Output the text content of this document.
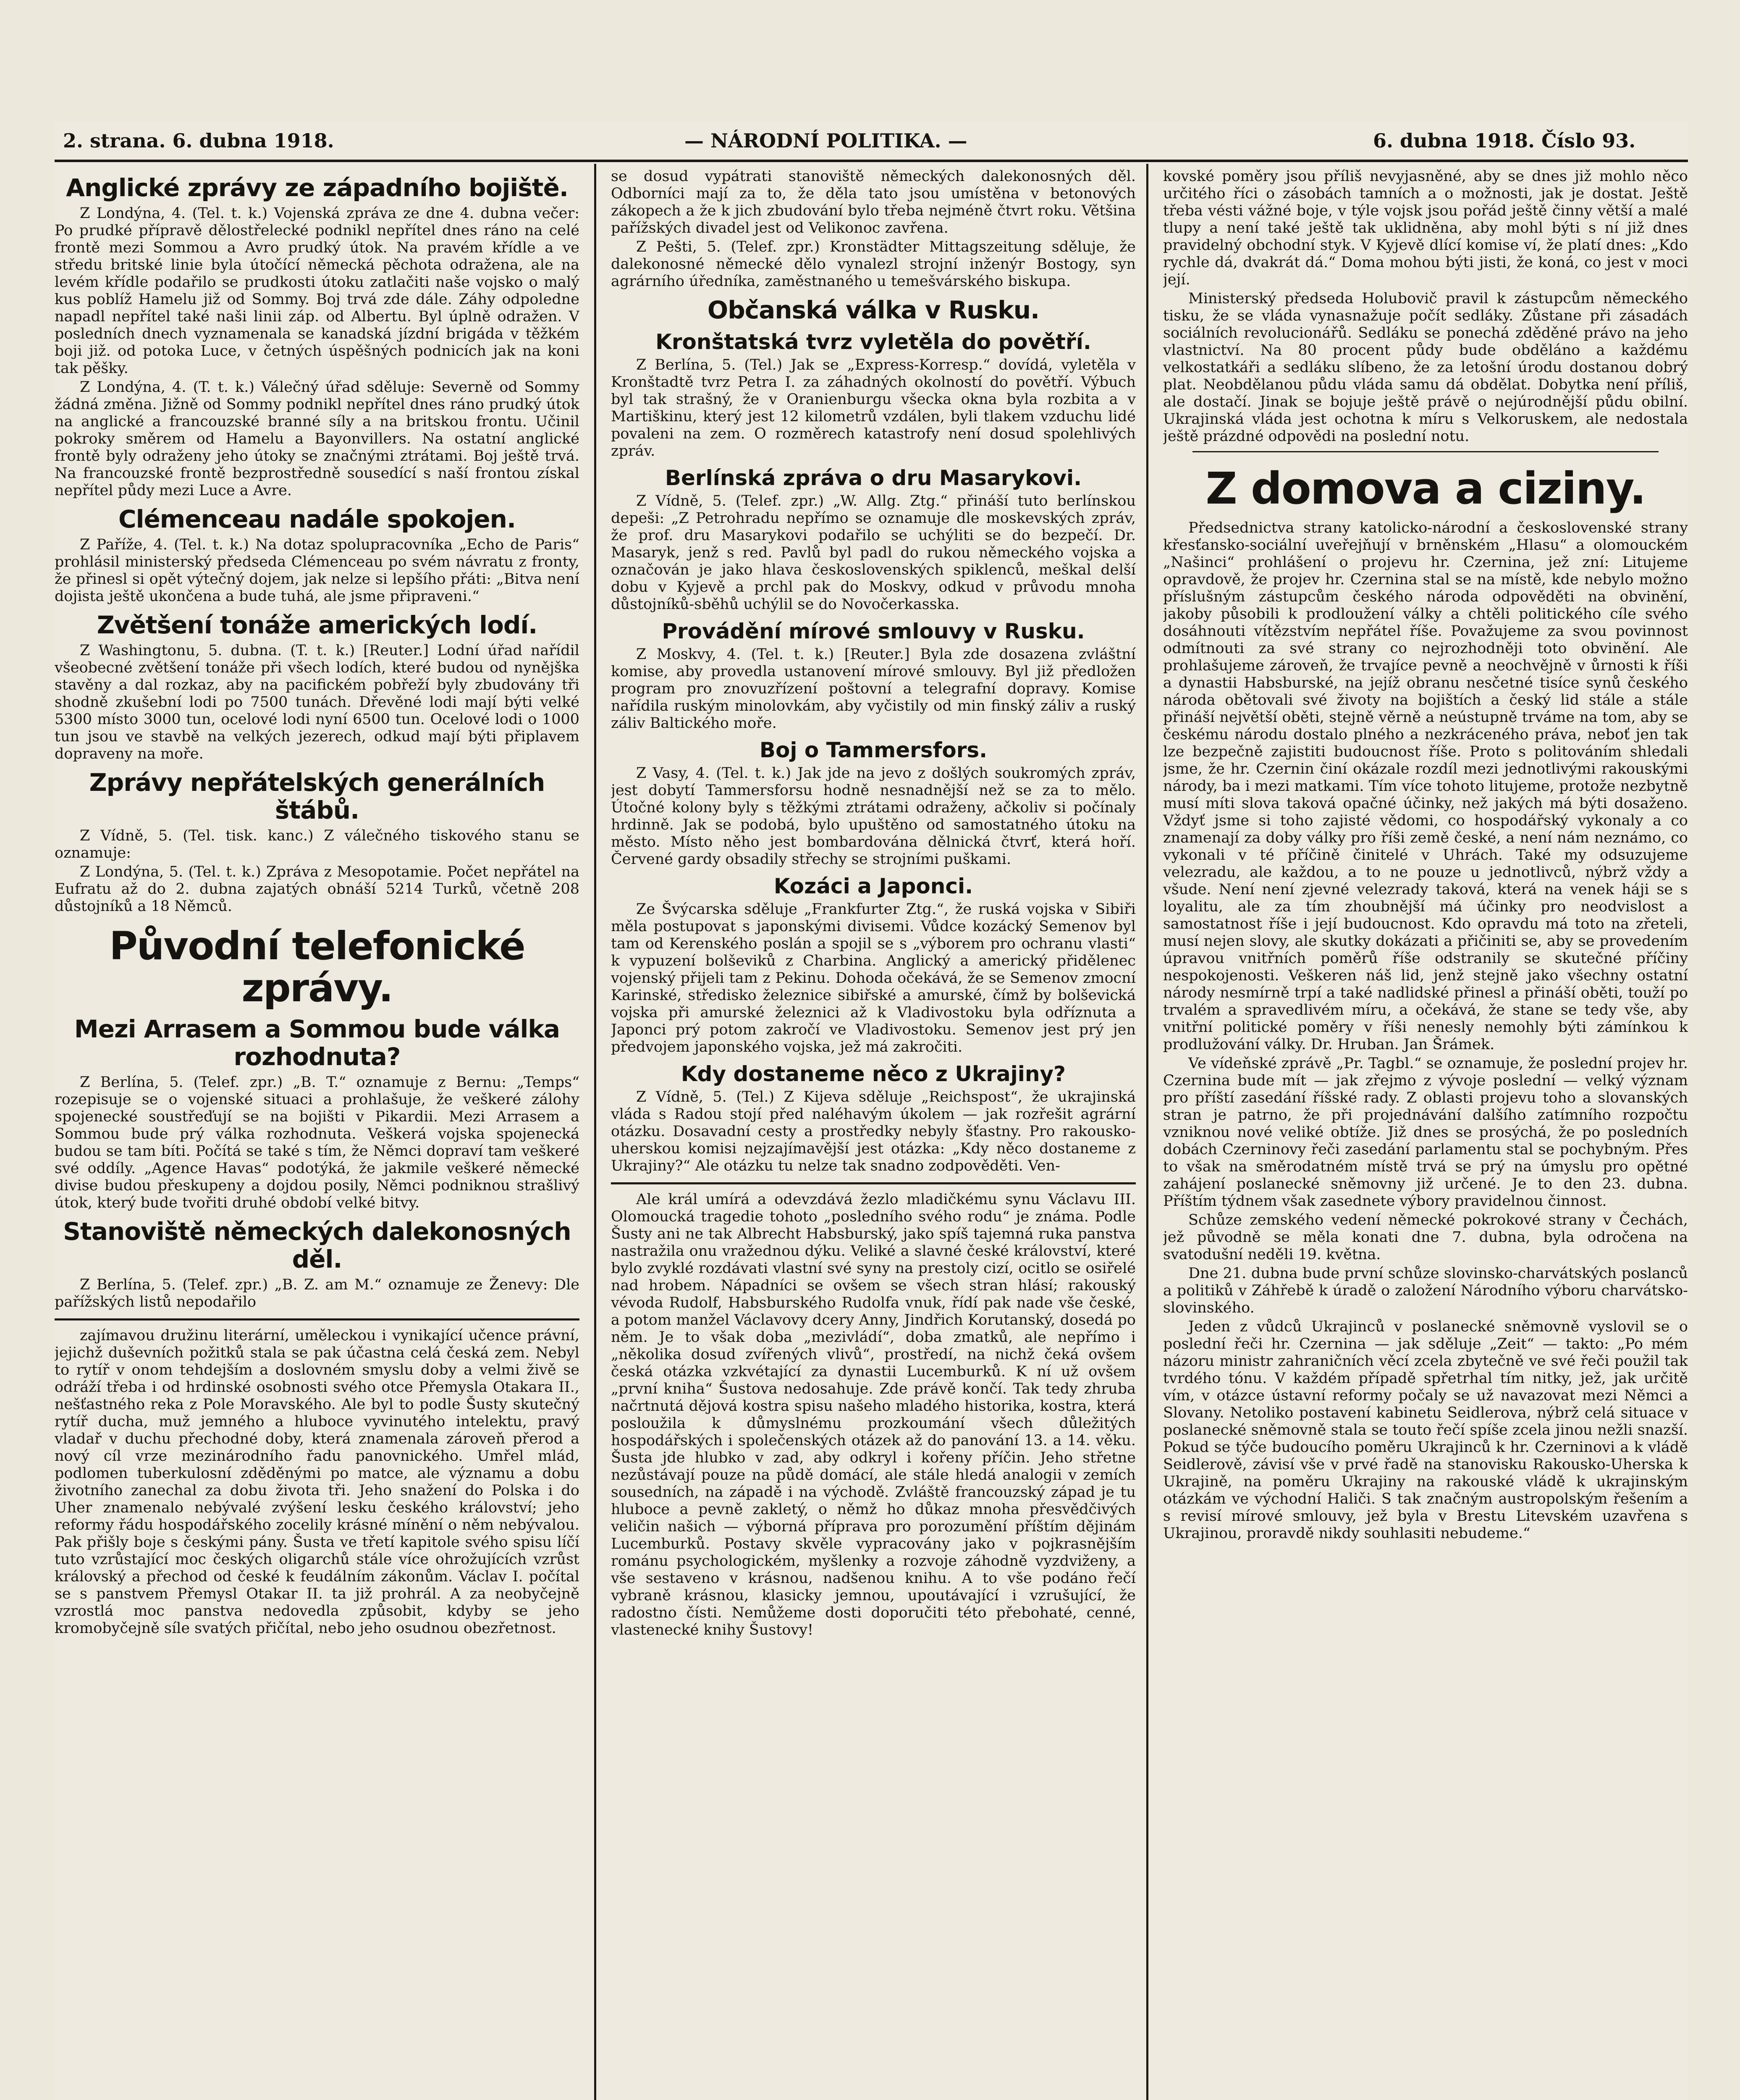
2. strana. 6. dubna 1918.	— NÁRODNÍ POLITIKA. —	6. dubna 1918. Číslo 93.
Anglické zprávy ze západního bojiště.

Z Londýna, 4. (Tel. t. k.) Vojenská zpráva ze dne 4. dubna večer: Po prudké přípravě dělostřelecké podnikl nepřítel dnes ráno na celé frontě mezi Sommou a Avro prudký útok. Na pravém křídle a ve středu britské linie byla útočící německá pěchota odražena, ale na levém křídle podařilo se prudkosti útoku zatlačiti naše vojsko o malý kus poblíž Hamelu již od Sommy. Boj trvá zde dále. Záhy odpoledne napadl nepřítel také naši linii záp. od Albertu. Byl úplně odražen. V posledních dnech vyznamenala se kanadská jízdní brigáda v těžkém boji již. od potoka Luce, v četných úspěšných podnicích jak na koni tak pěšky.

Z Londýna, 4. (T. t. k.) Válečný úřad sděluje: Severně od Sommy žádná změna. Jižně od Sommy podnikl nepřítel dnes ráno prudký útok na anglické a francouzské branné síly a na britskou frontu. Učinil pokroky směrem od Hamelu a Bayonvillers. Na ostatní anglické frontě byly odraženy jeho útoky se značnými ztrátami. Boj ještě trvá. Na francouzské frontě bezprostředně sousedící s naší frontou získal nepřítel půdy mezi Luce a Avre.

Clémenceau nadále spokojen.

Z Paříže, 4. (Tel. t. k.) Na dotaz spolupracovníka „Echo de Paris“ prohlásil ministerský předseda Clémenceau po svém návratu z fronty, že přinesl si opět výtečný dojem, jak nelze si lepšího přáti: „Bitva není dojista ještě ukončena a bude tuhá, ale jsme připraveni.“

Zvětšení tonáže amerických lodí.

Z Washingtonu, 5. dubna. (T. t. k.) [Reuter.] Lodní úřad nařídil všeobecné zvětšení tonáže při všech lodích, které budou od nynějška stavěny a dal rozkaz, aby na pacifickém pobřeží byly zbudovány tři shodně zkušební lodi po 7500 tunách. Dřevěné lodi mají býti velké 5300 místo 3000 tun, ocelové lodi nyní 6500 tun. Ocelové lodi o 1000 tun jsou ve stavbě na velkých jezerech, odkud mají býti připlavem dopraveny na moře.

Zprávy nepřátelských generálních štábů.

Z Vídně, 5. (Tel. tisk. kanc.) Z válečného tiskového stanu se oznamuje:

Z Londýna, 5. (Tel. t. k.) Zpráva z Mesopotamie. Počet nepřátel na Eufratu až do 2. dubna zajatých obnáší 5214 Turků, včetně 208 důstojníků a 18 Němců.

Původní telefonické zprávy.
Mezi Arrasem a Sommou bude válka rozhodnuta?

Z Berlína, 5. (Telef. zpr.) „B. T.“ oznamuje z Bernu: „Temps“ rozepisuje se o vojenské situaci a prohlašuje, že veškeré zálohy spojenecké soustřeďují se na bojišti v Pikardii. Mezi Arrasem a Sommou bude prý válka rozhodnuta. Veškerá vojska spojenecká budou se tam bíti. Počítá se také s tím, že Němci dopraví tam veškeré své oddíly. „Agence Havas“ podotýká, že jakmile veškeré německé divise budou přeskupeny a dojdou posily, Němci podniknou strašlivý útok, který bude tvořiti druhé období velké bitvy.

Stanoviště německých dalekonosných děl.

Z Berlína, 5. (Telef. zpr.) „B. Z. am M.“ oznamuje ze Ženevy: Dle pařížských listů nepodařilo

zajímavou družinu literární, uměleckou i vynikající učence právní, jejichž duševních požitků stala se pak účastna celá česká zem. Nebyl to rytíř v onom tehdejším a doslovném smyslu doby a velmi živě se odráží třeba i od hrdinské osobnosti svého otce Přemysla Otakara II., nešťastného reka z Pole Moravského. Ale byl to podle Šusty skutečný rytíř ducha, muž jemného a hluboce vyvinutého intelektu, pravý vladař v duchu přechodné doby, která znamenala zároveň přerod a nový cíl vrze mezinárodního řadu panovnického. Umřel mlád, podlomen tuberkulosní zděděnými po matce, ale významu a dobu životního zanechal za dobu života tři. Jeho snažení do Polska i do Uher znamenalo nebývalé zvýšení lesku českého království; jeho reformy řádu hospodářského zocelily krásné mínění o něm nebývalou. Pak přišly boje s českými pány. Šusta ve třetí kapitole svého spisu líčí tuto vzrůstající moc českých oligarchů stále více ohrožujících vzrůst královský a přechod od české k feudálním zákonům. Václav I. počítal se s panstvem Přemysl Otakar II. ta již prohrál. A za neobyčejně vzrostlá moc panstva nedovedla způsobit, kdyby se jeho kromobyčejně síle svatých přičítal, nebo jeho osudnou obezřetnost.

se dosud vypátrati stanoviště německých dalekonosných děl. Odborníci mají za to, že děla tato jsou umístěna v betonových zákopech a že k jich zbudování bylo třeba nejméně čtvrt roku. Většina pařížských divadel jest od Velikonoc zavřena.

Z Pešti, 5. (Telef. zpr.) Kronstädter Mittagszeitung sděluje, že dalekonosné německé dělo vynalezl strojní inženýr Bostogy, syn agrárního úředníka, zaměstnaného u temešvárského biskupa.

Občanská válka v Rusku.
Kronštatská tvrz vyletěla do povětří.

Z Berlína, 5. (Tel.) Jak se „Express-Korresp.“ dovídá, vyletěla v Kronštadtě tvrz Petra I. za záhadných okolností do povětří. Výbuch byl tak strašný, že v Oranienburgu všecka okna byla rozbita a v Martiškinu, který jest 12 kilometrů vzdálen, byli tlakem vzduchu lidé povaleni na zem. O rozměrech katastrofy není dosud spolehlivých zpráv.

Berlínská zpráva o dru Masarykovi.

Z Vídně, 5. (Telef. zpr.) „W. Allg. Ztg.“ přináší tuto berlínskou depeši: „Z Petrohradu nepřímo se oznamuje dle moskevských zpráv, že prof. dru Masarykovi podařilo se uchýliti se do bezpečí. Dr. Masaryk, jenž s red. Pavlů byl padl do rukou německého vojska a označován je jako hlava československých spiklenců, meškal delší dobu v Kyjevě a prchl pak do Moskvy, odkud v průvodu mnoha důstojníků-sběhů uchýlil se do Novočerkasska.

Provádění mírové smlouvy v Rusku.

Z Moskvy, 4. (Tel. t. k.) [Reuter.] Byla zde dosazena zvláštní komise, aby provedla ustanovení mírové smlouvy. Byl již předložen program pro znovuzřízení poštovní a telegrafní dopravy. Komise nařídila ruským minolovkám, aby vyčistily od min finský záliv a ruský záliv Baltického moře.

Boj o Tammersfors.

Z Vasy, 4. (Tel. t. k.) Jak jde na jevo z došlých soukromých zpráv, jest dobytí Tammersforsu hodně nesnadnější než se za to mělo. Útočné kolony byly s těžkými ztrátami odraženy, ačkoliv si počínaly hrdinně. Jak se podobá, bylo upuštěno od samostatného útoku na město. Místo něho jest bombardována dělnická čtvrť, která hoří. Červené gardy obsadily střechy se strojními puškami.

Kozáci a Japonci.

Ze Švýcarska sděluje „Frankfurter Ztg.“, že ruská vojska v Sibiři měla postupovat s japonskými divisemi. Vůdce kozácký Semenov byl tam od Kerenského poslán a spojil se s „výborem pro ochranu vlasti“ k vypuzení bolševiků z Charbina. Anglický a americký přidělenec vojenský přijeli tam z Pekinu. Dohoda očekává, že se Semenov zmocní Karinské, středisko železnice sibiřské a amurské, čímž by bolševická vojska při amurské železnici až k Vladivostoku byla odříznuta a Japonci prý potom zakročí ve Vladivostoku. Semenov jest prý jen předvojem japonského vojska, jež má zakročiti.

Kdy dostaneme něco z Ukrajiny?

Z Vídně, 5. (Tel.) Z Kijeva sděluje „Reichspost“, že ukrajinská vláda s Radou stojí před naléhavým úkolem — jak rozřešit agrární otázku. Dosavadní cesty a prostředky nebyly šťastny. Pro rakousko-uherskou komisi nejzajímavější jest otázka: „Kdy něco dostaneme z Ukrajiny?“ Ale otázku tu nelze tak snadno zodpověděti. Ven-

Ale král umírá a odevzdává žezlo mladičkému synu Václavu III. Olomoucká tragedie tohoto „posledního svého rodu“ je známa. Podle Šusty ani ne tak Albrecht Habsburský, jako spíš tajemná ruka panstva nastražila onu vražednou dýku. Veliké a slavné české království, které bylo zvyklé rozdávati vlastní své syny na prestoly cizí, ocitlo se osiřelé nad hrobem. Nápadníci se ovšem se všech stran hlásí; rakouský vévoda Rudolf, Habsburského Rudolfa vnuk, řídí pak nade vše české, a potom manžel Václavovy dcery Anny, Jindřich Korutanský, dosedá po něm. Je to však doba „mezivládí“, doba zmatků, ale nepřímo i „několika dosud zvířených vlivů“, prostředí, na nichž čeká ovšem česká otázka vzkvétající za dynastii Lucemburků. K ní už ovšem „první kniha“ Šustova nedosahuje. Zde právě končí. Tak tedy zhruba načrtnutá dějová kostra spisu našeho mladého historika, kostra, která posloužila k důmyslnému prozkoumání všech důležitých hospodářských i společenských otázek až do panování 13. a 14. věku. Šusta jde hlubko v zad, aby odkryl i kořeny příčin. Jeho střetne nezůstávají pouze na půdě domácí, ale stále hledá analogii v zemích sousedních, na západě i na východě. Zvláště francouzský západ je tu hluboce a pevně zakletý, o němž ho důkaz mnoha přesvědčivých veličin našich — výborná příprava pro porozumění příštím dějinám Lucemburků. Postavy skvěle vypracovány jako v pojkrasnějším románu psychologickém, myšlenky a rozvoje záhodně vyzdviženy, a vše sestaveno v krásnou, nadšenou knihu. A to vše podáno řečí vybraně krásnou, klasicky jemnou, upoutávající i vzrušující, že radostno čísti. Nemůžeme dosti doporučiti této přebohaté, cenné, vlastenecké knihy Šustovy!

kovské poměry jsou příliš nevyjasněné, aby se dnes již mohlo něco určitého říci o zásobách tamních a o možnosti, jak je dostat. Ještě třeba vésti vážné boje, v týle vojsk jsou pořád ještě činny větší a malé tlupy a není také ještě tak uklidněna, aby mohl býti s ní již dnes pravidelný obchodní styk. V Kyjevě dlící komise ví, že platí dnes: „Kdo rychle dá, dvakrát dá.“ Doma mohou býti jisti, že koná, co jest v moci její.

Ministerský předseda Holubovič pravil k zástupcům německého tisku, že se vláda vynasnažuje počít sedláky. Zůstane při zásadách sociálních revolucionářů. Sedláku se ponechá zděděné právo na jeho vlastnictví. Na 80 procent půdy bude obděláno a každému velkostatkáři a sedláku slíbeno, že za letošní úrodu dostanou dobrý plat. Neobdělanou půdu vláda samu dá obdělat. Dobytka není příliš, ale dostačí. Jinak se bojuje ještě právě o nejúrodnější půdu obilní. Ukrajinská vláda jest ochotna k míru s Velkoruskem, ale nedostala ještě prázdné odpovědi na poslední notu.

Z domova a ciziny.

Předsednictva strany katolicko-národní a československé strany křesťansko-sociální uveřejňují v brněnském „Hlasu“ a olomouckém „Našinci“ prohlášení o projevu hr. Czernina, jež zní: Litujeme opravdově, že projev hr. Czernina stal se na místě, kde nebylo možno příslušným zástupcům českého národa odpověděti na obvinění, jakoby působili k prodloužení války a chtěli politického cíle svého dosáhnouti vítězstvím nepřátel říše. Považujeme za svou povinnost odmítnouti za své strany co nejrozhodněji toto obvinění. Ale prohlašujeme zároveň, že trvajíce pevně a neochvějně v ůrnosti k říši a dynastii Habsburské, na jejíž obranu nesčetné tisíce synů českého národa obětovali své životy na bojištích a český lid stále a stále přináší největší oběti, stejně věrně a neústupně trváme na tom, aby se českému národu dostalo plného a nezkráceného práva, neboť jen tak lze bezpečně zajistiti budoucnost říše. Proto s politováním shledali jsme, že hr. Czernin činí okázale rozdíl mezi jednotlivými rakouskými národy, ba i mezi matkami. Tím více tohoto litujeme, protože nezbytně musí míti slova taková opačné účinky, než jakých má býti dosaženo. Vždyť jsme si toho zajisté vědomi, co hospodářský vykonaly a co znamenají za doby války pro říši země české, a není nám neznámo, co vykonali v té příčině činitelé v Uhrách. Také my odsuzujeme velezradu, ale každou, a to ne pouze u jednotlivců, nýbrž vždy a všude. Není není zjevné velezrady taková, která na venek háji se s loyalitu, ale za tím zhoubnější má účinky pro neodvislost a samostatnost říše i její budoucnost. Kdo opravdu má toto na zřeteli, musí nejen slovy, ale skutky dokázati a přičiniti se, aby se provedením úpravou vnitřních poměrů říše odstranily se skutečné příčiny nespokojenosti. Veškeren náš lid, jenž stejně jako všechny ostatní národy nesmírně trpí a také nadlidské přinesl a přináší oběti, touží po trvalém a spravedlivém míru, a očekává, že stane se tedy vše, aby vnitřní politické poměry v říši nenesly nemohly býti zámínkou k prodlužování války. Dr. Hruban. Jan Šrámek.

Ve vídeňské zprávě „Pr. Tagbl.“ se oznamuje, že poslední projev hr. Czernina bude mít — jak zřejmo z vývoje poslední — velký význam pro příští zasedání říšské rady. Z oblasti projevu toho a slovanských stran je patrno, že při projednávání dalšího zatímního rozpočtu vzniknou nové veliké obtíže. Již dnes se prosýchá, že po posledních dobách Czerninovy řeči zasedání parlamentu stal se pochybným. Přes to však na směrodatném místě trvá se prý na úmyslu pro opětné zahájení poslanecké sněmovny již určené. Je to den 23. dubna. Příštím týdnem však zasednete výbory pravidelnou činnost.

Schůze zemského vedení německé pokrokové strany v Čechách, jež původně se měla konati dne 7. dubna, byla odročena na svatodušní neděli 19. května.

Dne 21. dubna bude první schůze slovinsko-charvátských poslanců a politiků v Záhřebě k úradě o založení Národního výboru charvátsko-slovinského.

Jeden z vůdců Ukrajinců v poslanecké sněmovně vyslovil se o poslední řeči hr. Czernina — jak sděluje „Zeit“ — takto: „Po mém názoru ministr zahraničních věcí zcela zbytečně ve své řeči použil tak tvrdého tónu. V každém případě spřetrhal tím nitky, jež, jak určitě vím, v otázce ústavní reformy počaly se už navazovat mezi Němci a Slovany. Netoliko postavení kabinetu Seidlerova, nýbrž celá situace v poslanecké sněmovně stala se touto řečí spíše zcela jinou nežli snazší. Pokud se týče budoucího poměru Ukrajinců k hr. Czerninovi a k vládě Seidlerově, závisí vše v prvé řadě na stanovisku Rakousko-Uherska k Ukrajině, na poměru Ukrajiny na rakouské vládě k ukrajinským otázkám ve východní Haliči. S tak značným austropolským řešením a s revisí mírové smlouvy, jež byla v Brestu Litevském uzavřena s Ukrajinou, proravdě nikdy souhlasiti nebudeme.“
